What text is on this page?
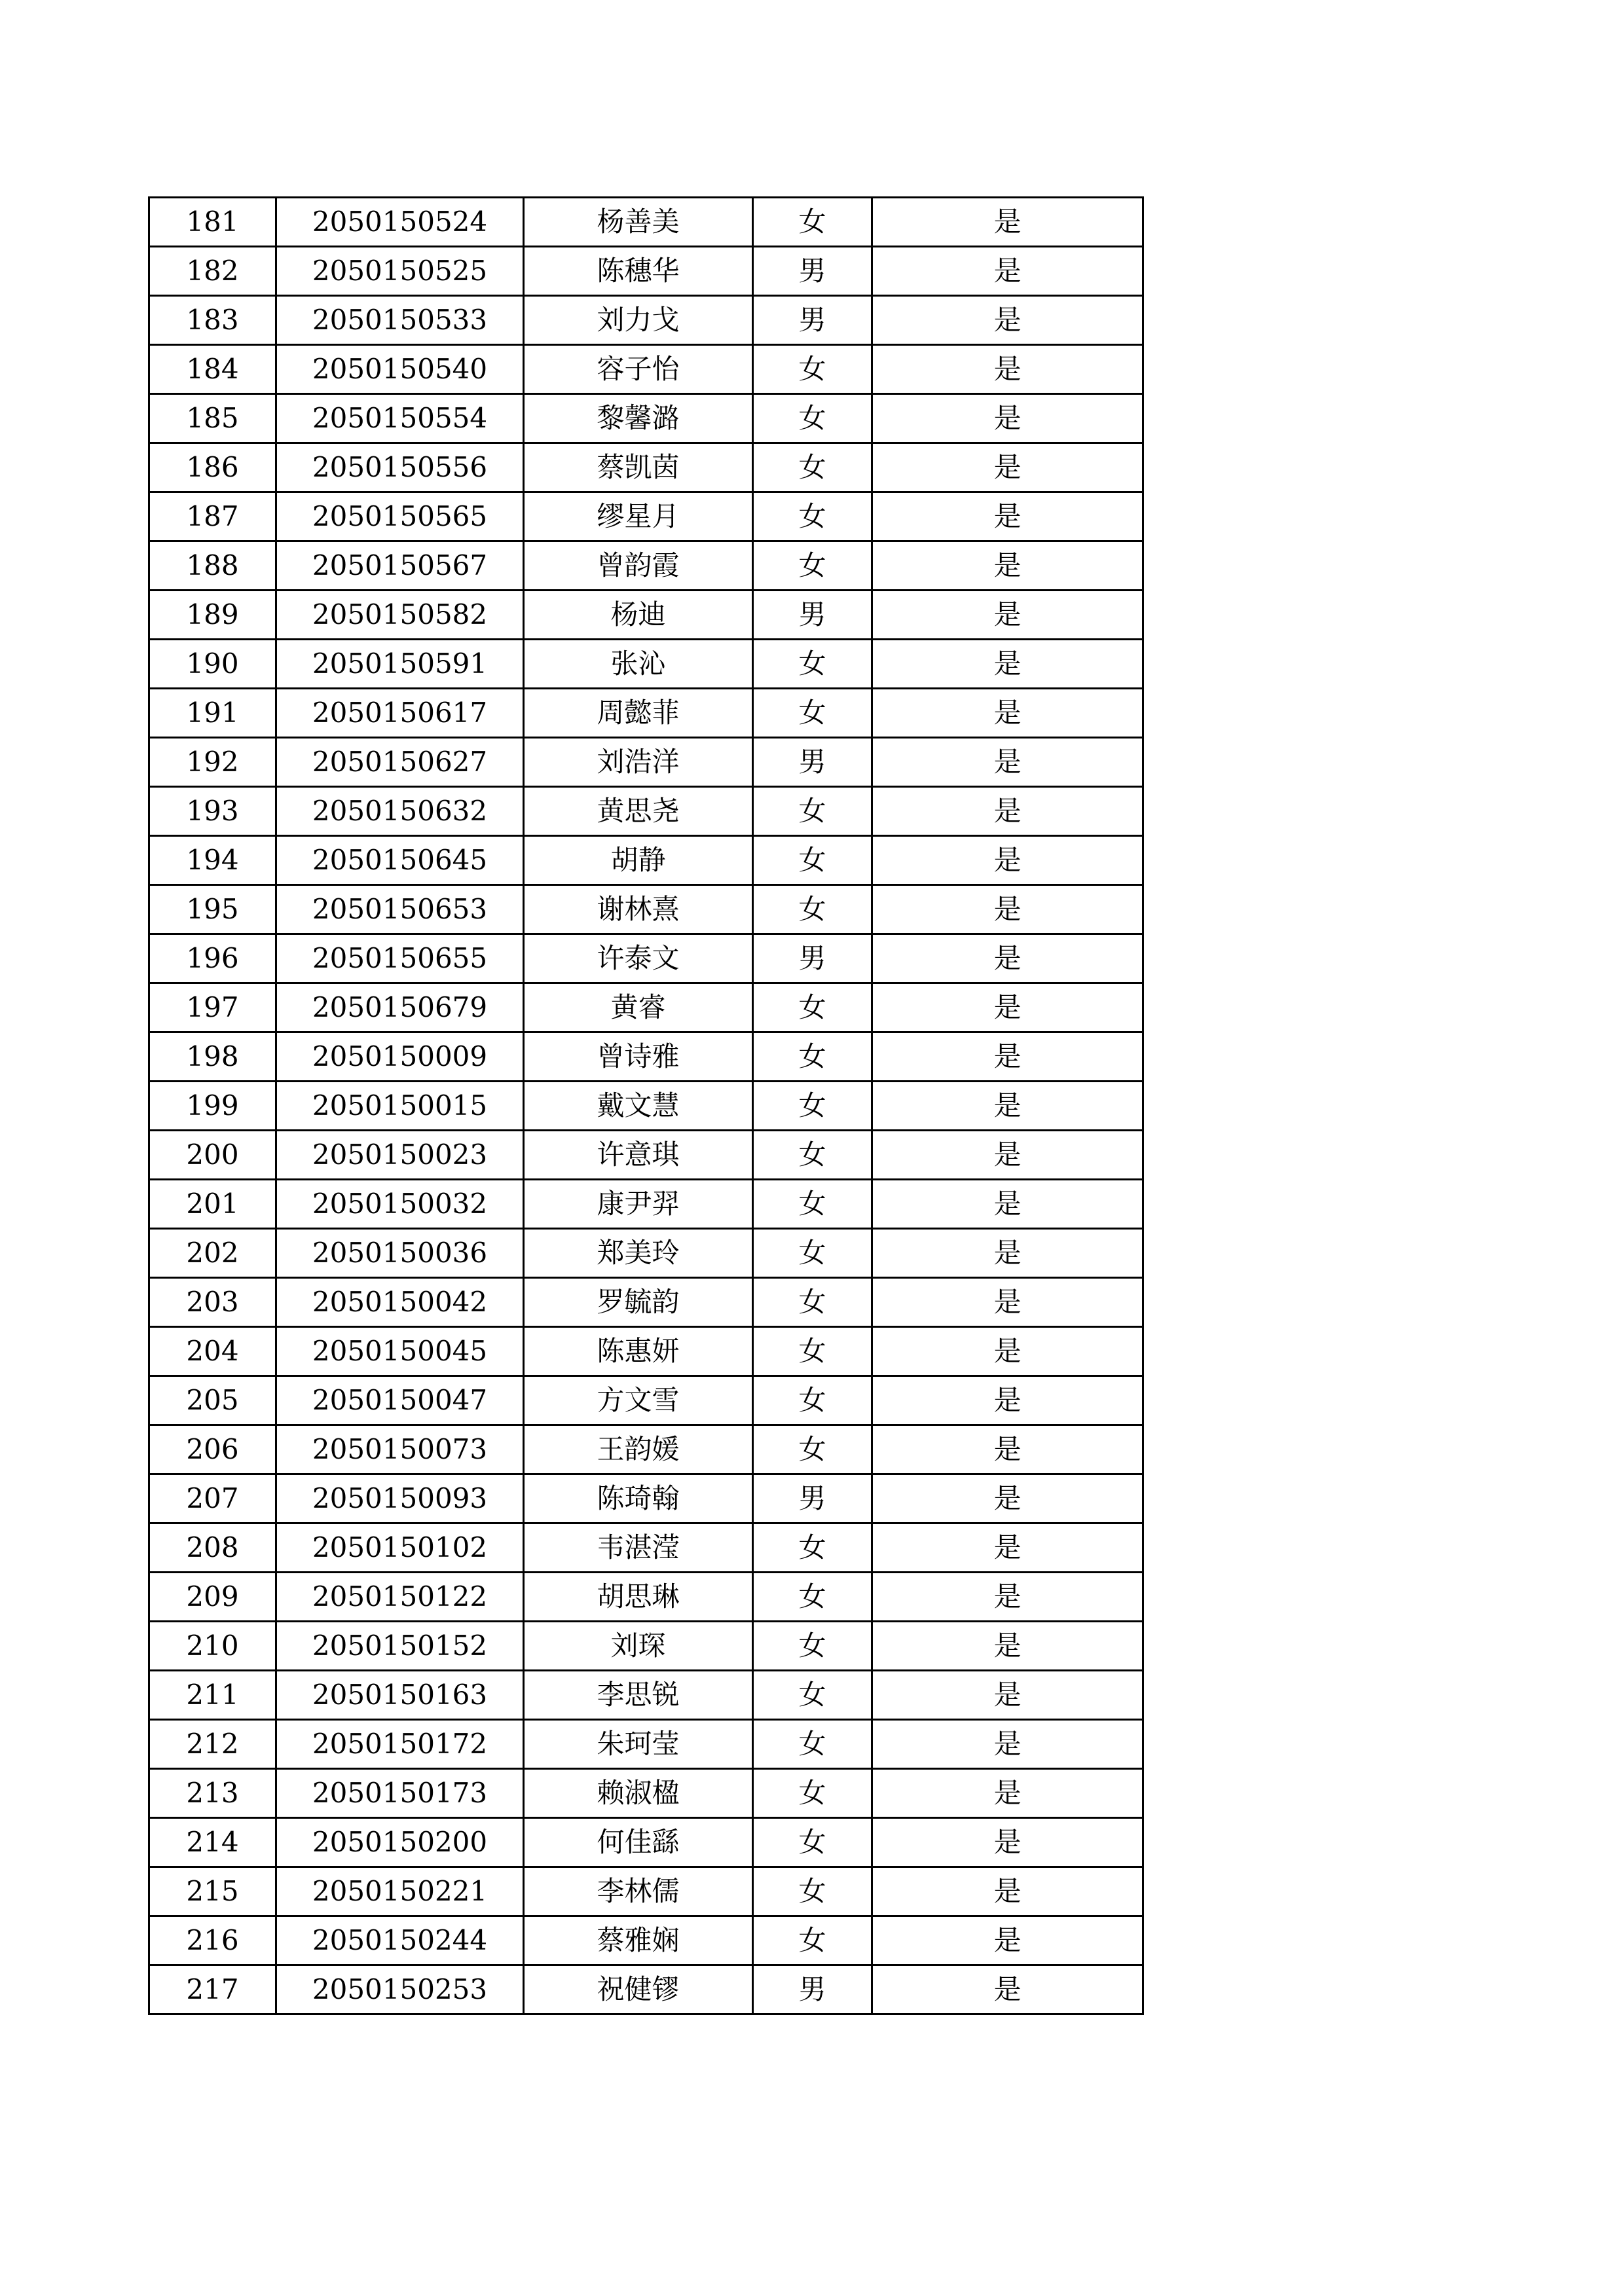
181	2050150524	杨善美	女	是
182	2050150525	陈穗华	男	是
183	2050150533	刘力戈	男	是
184	2050150540	容子怡	女	是
185	2050150554	黎馨潞	女	是
186	2050150556	蔡凯茵	女	是
187	2050150565	缪星月	女	是
188	2050150567	曾韵霞	女	是
189	2050150582	杨迪	男	是
190	2050150591	张沁	女	是
191	2050150617	周懿菲	女	是
192	2050150627	刘浩洋	男	是
193	2050150632	黄思尧	女	是
194	2050150645	胡静	女	是
195	2050150653	谢林熹	女	是
196	2050150655	许泰文	男	是
197	2050150679	黄睿	女	是
198	2050150009	曾诗雅	女	是
199	2050150015	戴文慧	女	是
200	2050150023	许意琪	女	是
201	2050150032	康尹羿	女	是
202	2050150036	郑美玲	女	是
203	2050150042	罗毓韵	女	是
204	2050150045	陈惠妍	女	是
205	2050150047	方文雪	女	是
206	2050150073	王韵媛	女	是
207	2050150093	陈琦翰	男	是
208	2050150102	韦湛滢	女	是
209	2050150122	胡思琳	女	是
210	2050150152	刘琛	女	是
211	2050150163	李思锐	女	是
212	2050150172	朱珂莹	女	是
213	2050150173	赖淑楹	女	是
214	2050150200	何佳繇	女	是
215	2050150221	李林儒	女	是
216	2050150244	蔡雅娴	女	是
217	2050150253	祝健镠	男	是
